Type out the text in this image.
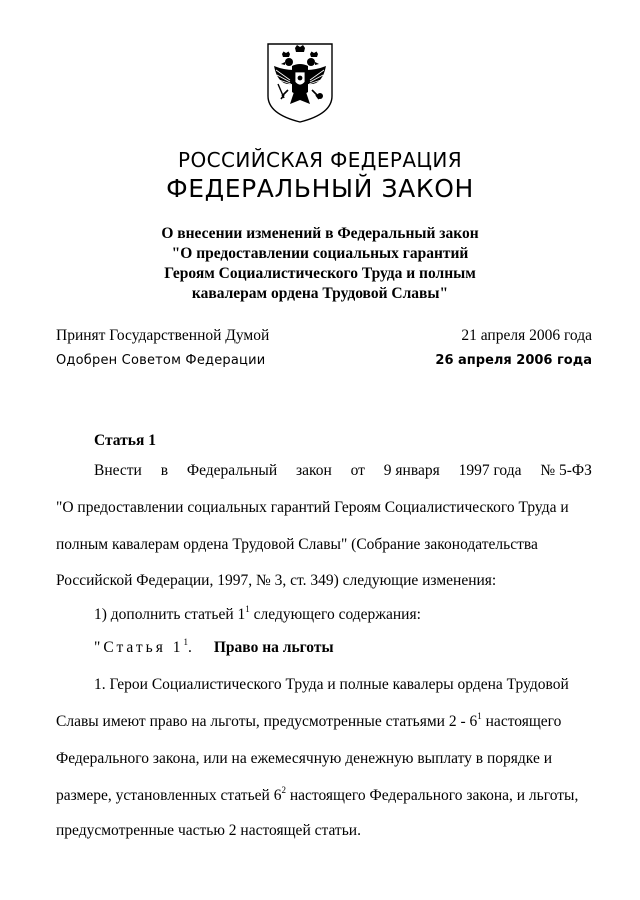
РОССИЙСКАЯ ФЕДЕРАЦИЯ
ФЕДЕРАЛЬНЫЙ ЗАКОН
О внесении изменений в Федеральный закон
"О предоставлении социальных гарантий
Героям Социалистического Труда и полным
кавалерам ордена Трудовой Славы"
Принят Государственной Думой	21 апреля 2006 года
Одобрен Советом Федерации	26 апреля 2006 года
Статья 1
Внести в Федеральный закон от 9 января 1997 года № 5-ФЗ
"О предоставлении социальных гарантий Героям Социалистического Труда и
полным кавалерам ордена Трудовой Славы" (Собрание законодательства
Российской Федерации, 1997, № 3, ст. 349) следующие изменения:
1) дополнить статьей $1^1$ следующего содержания:
"Статья $1^1$. Право на льготы
1. Герои Социалистического Труда и полные кавалеры ордена Трудовой
Славы имеют право на льготы, предусмотренные статьями $2 - 6^1$ настоящего
Федерального закона, или на ежемесячную денежную выплату в порядке и
размере, установленных статьей $6^2$ настоящего Федерального закона, и льготы,
предусмотренные частью 2 настоящей статьи.
